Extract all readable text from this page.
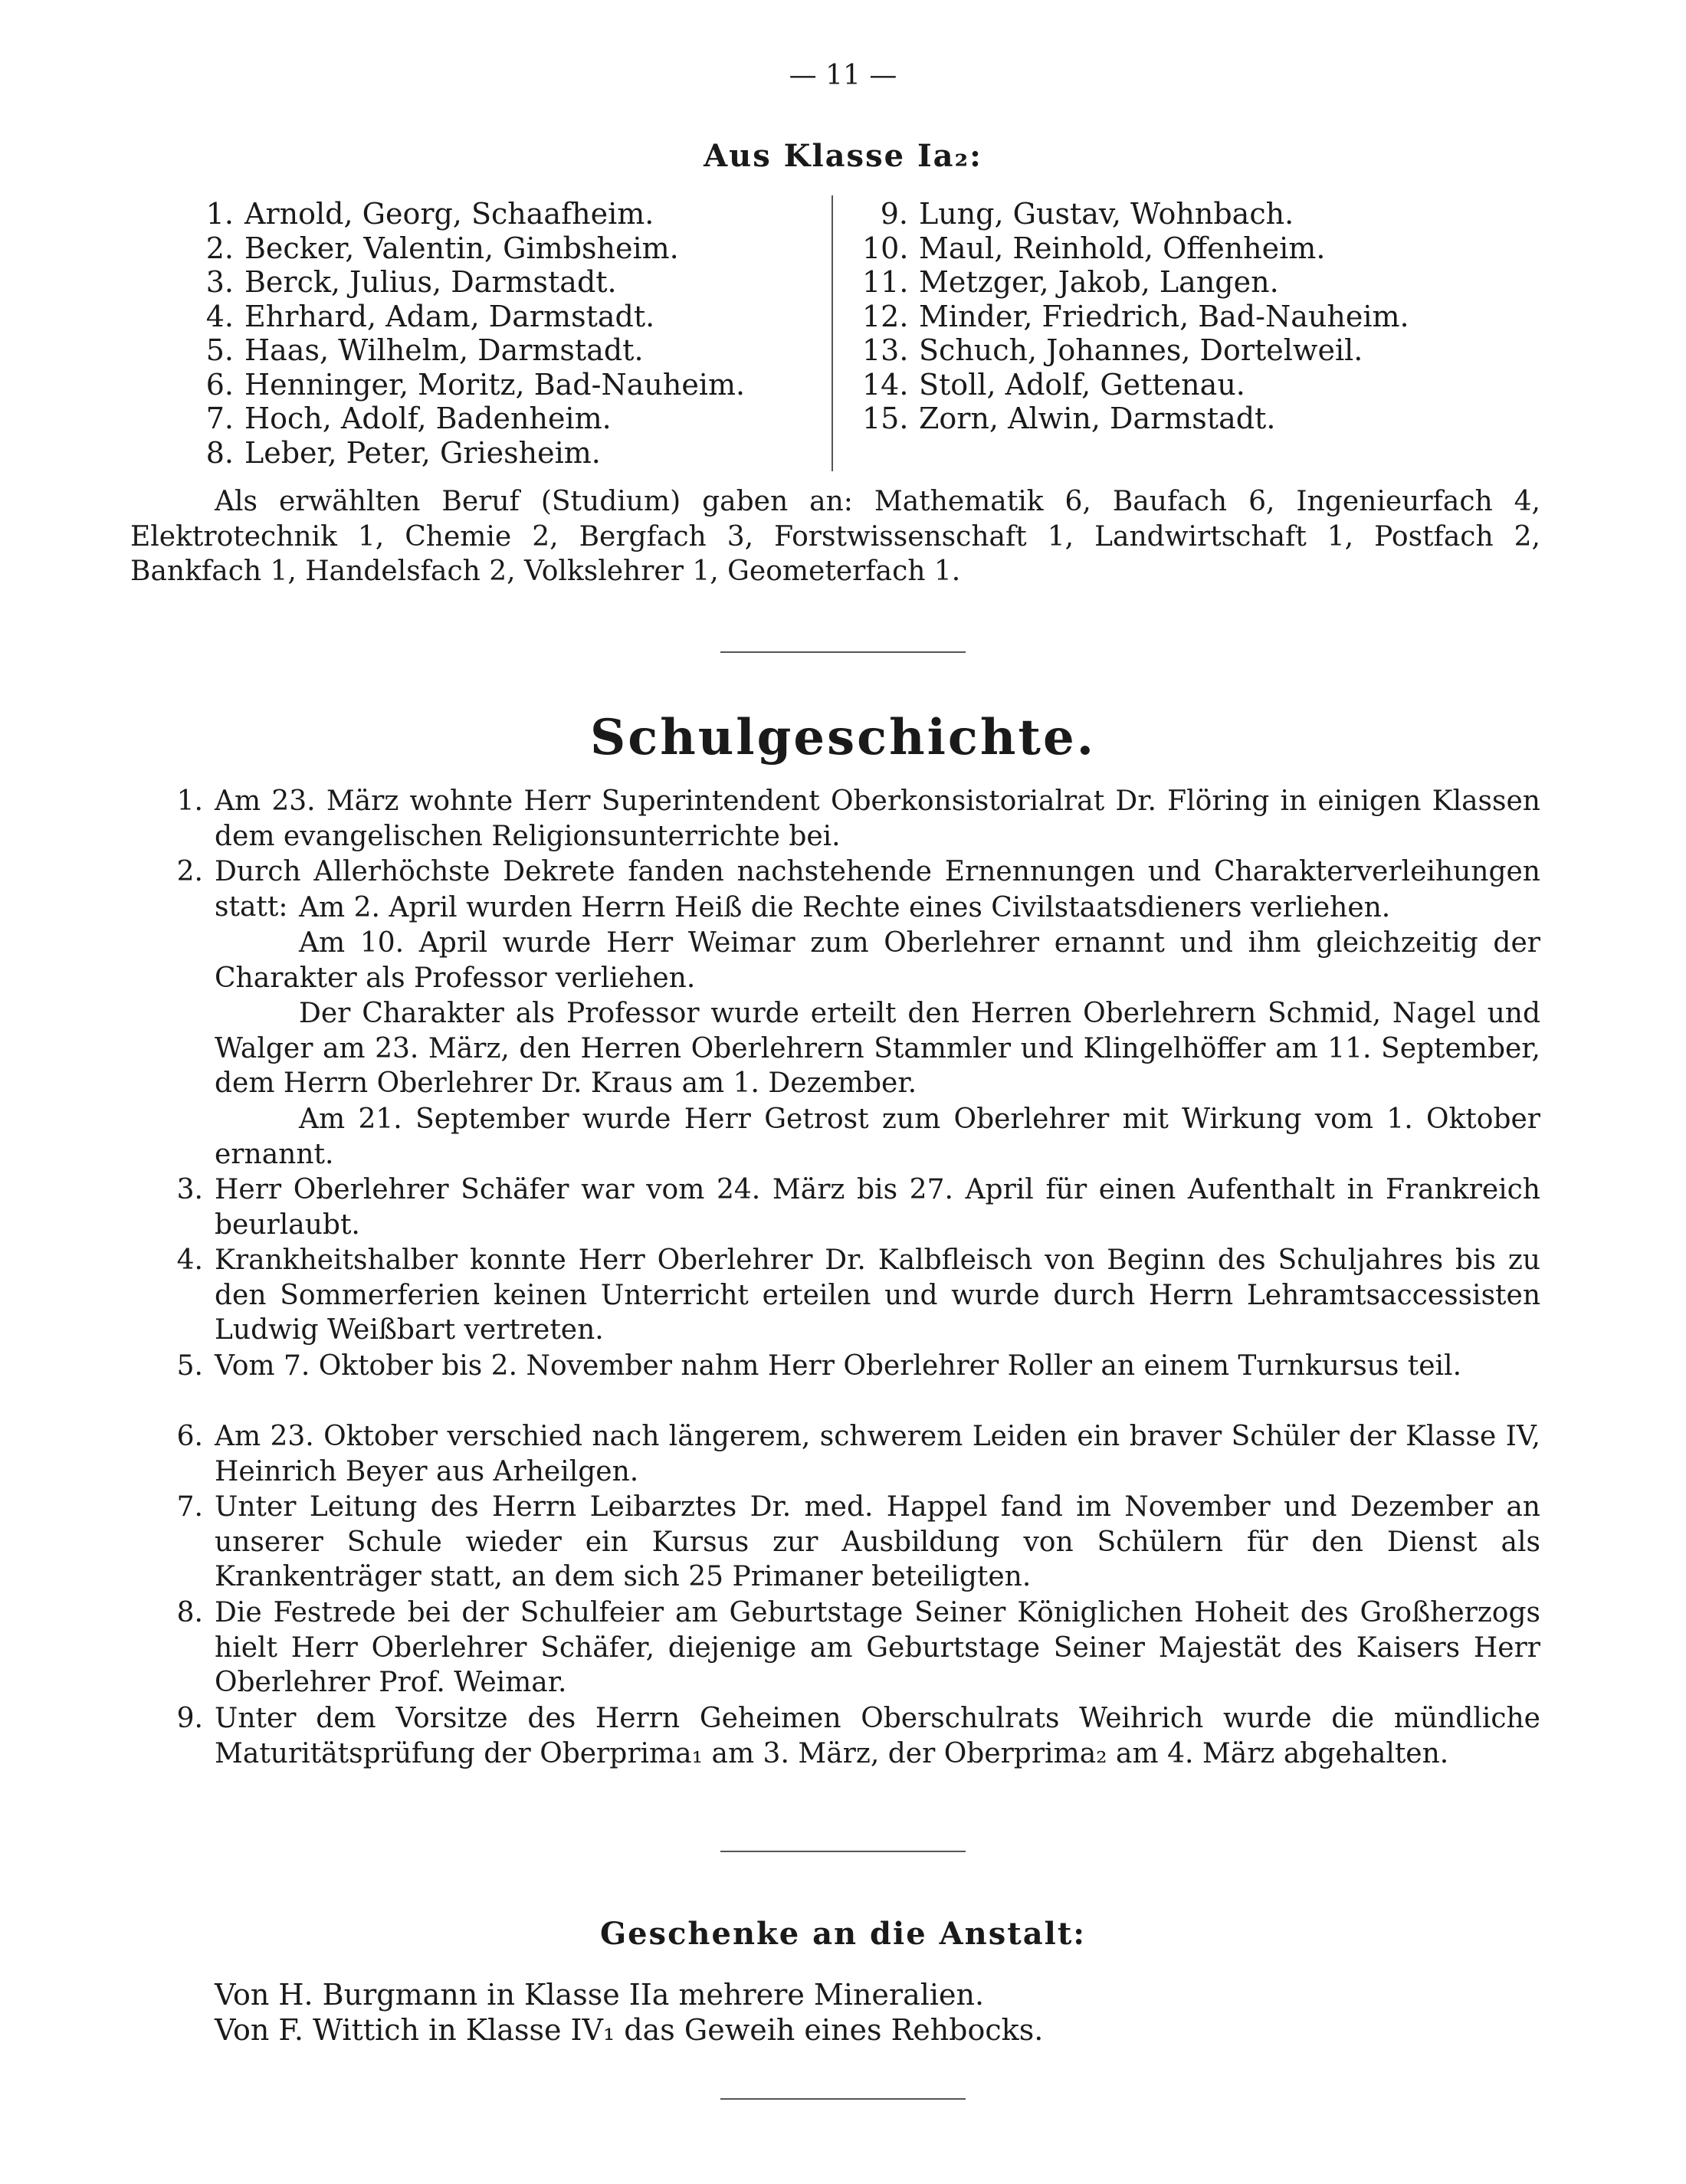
— 11 —
Aus Klasse Ia₂:
1. Arnold, Georg, Schaafheim.
2. Becker, Valentin, Gimbsheim.
3. Berck, Julius, Darmstadt.
4. Ehrhard, Adam, Darmstadt.
5. Haas, Wilhelm, Darmstadt.
6. Henninger, Moritz, Bad-Nauheim.
7. Hoch, Adolf, Badenheim.
8. Leber, Peter, Griesheim.
9. Lung, Gustav, Wohnbach.
10. Maul, Reinhold, Offenheim.
11. Metzger, Jakob, Langen.
12. Minder, Friedrich, Bad-Nauheim.
13. Schuch, Johannes, Dortelweil.
14. Stoll, Adolf, Gettenau.
15. Zorn, Alwin, Darmstadt.

Als erwählten Beruf (Studium) gaben an: Mathematik 6, Baufach 6, Ingenieurfach 4, Elektrotechnik 1, Chemie 2, Bergfach 3, Forstwissenschaft 1, Landwirtschaft 1, Postfach 2, Bankfach 1, Handelsfach 2, Volkslehrer 1, Geometerfach 1.

Schulgeschichte.

1. Am 23. März wohnte Herr Superintendent Oberkonsistorialrat Dr. Flöring in einigen Klassen dem evangelischen Religionsunterrichte bei.

2. Durch Allerhöchste Dekrete fanden nachstehende Ernennungen und Charakterverleihungen statt: Am 2. April wurden Herrn Heiß die Rechte eines Civilstaatsdieners verliehen.

Am 10. April wurde Herr Weimar zum Oberlehrer ernannt und ihm gleichzeitig der Charakter als Professor verliehen.

Der Charakter als Professor wurde erteilt den Herren Oberlehrern Schmid, Nagel und Walger am 23. März, den Herren Oberlehrern Stammler und Klingelhöffer am 11. September, dem Herrn Oberlehrer Dr. Kraus am 1. Dezember.

Am 21. September wurde Herr Getrost zum Oberlehrer mit Wirkung vom 1. Oktober ernannt.

3. Herr Oberlehrer Schäfer war vom 24. März bis 27. April für einen Aufenthalt in Frankreich beurlaubt.

4. Krankheitshalber konnte Herr Oberlehrer Dr. Kalbfleisch von Beginn des Schuljahres bis zu den Sommerferien keinen Unterricht erteilen und wurde durch Herrn Lehramtsaccessisten Ludwig Weißbart vertreten.

5. Vom 7. Oktober bis 2. November nahm Herr Oberlehrer Roller an einem Turnkursus teil.

6. Am 23. Oktober verschied nach längerem, schwerem Leiden ein braver Schüler der Klasse IV, Heinrich Beyer aus Arheilgen.

7. Unter Leitung des Herrn Leibarztes Dr. med. Happel fand im November und Dezember an unserer Schule wieder ein Kursus zur Ausbildung von Schülern für den Dienst als Krankenträger statt, an dem sich 25 Primaner beteiligten.

8. Die Festrede bei der Schulfeier am Geburtstage Seiner Königlichen Hoheit des Großherzogs hielt Herr Oberlehrer Schäfer, diejenige am Geburtstage Seiner Majestät des Kaisers Herr Oberlehrer Prof. Weimar.

9. Unter dem Vorsitze des Herrn Geheimen Oberschulrats Weihrich wurde die mündliche Maturitätsprüfung der Oberprima₁ am 3. März, der Oberprima₂ am 4. März abgehalten.

Geschenke an die Anstalt:

Von H. Burgmann in Klasse IIa mehrere Mineralien.

Von F. Wittich in Klasse IV₁ das Geweih eines Rehbocks.
